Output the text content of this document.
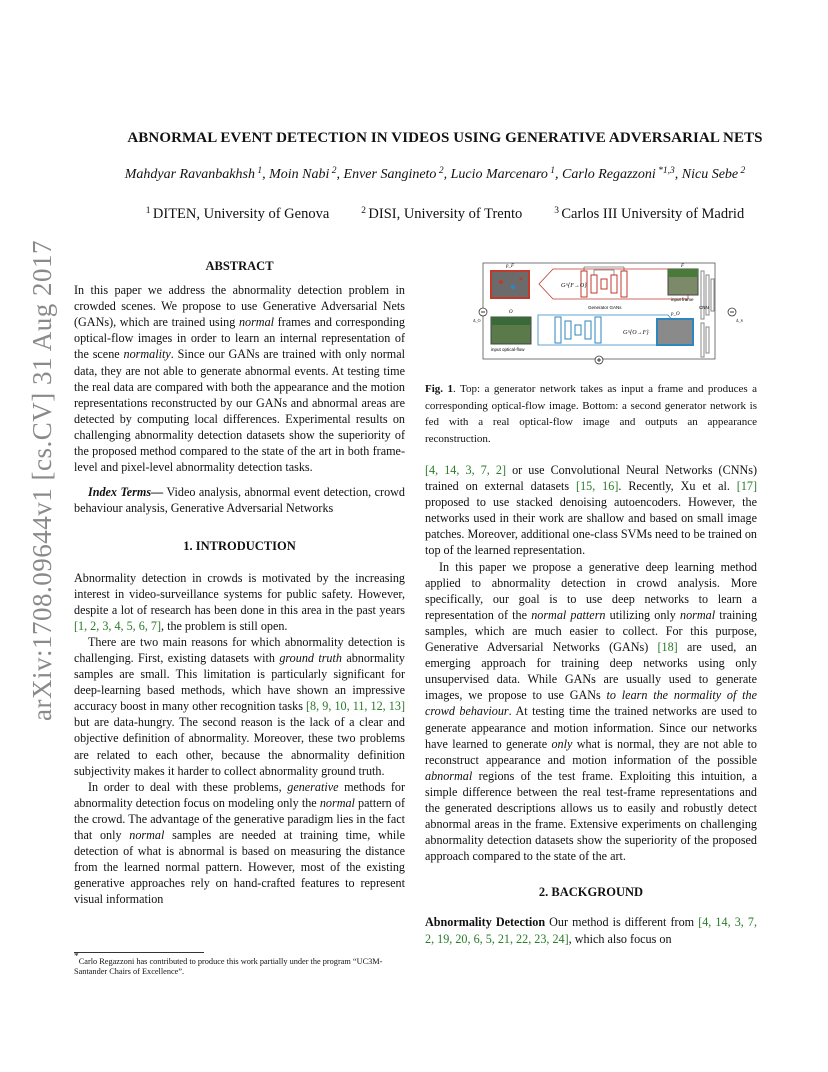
arXiv:1708.09644v1 [cs.CV] 31 Aug 2017
ABNORMAL EVENT DETECTION IN VIDEOS USING GENERATIVE ADVERSARIAL NETS
Mahdyar Ravanbakhsh $^1$, Moin Nabi $^2$, Enver Sangineto $^2$, Lucio Marcenaro $^1$, Carlo Regazzoni $^{*1,3}$, Nicu Sebe $^2$
$^1$ DITEN, University of Genova	$^2$ DISI, University of Trento	$^3$ Carlos III University of Madrid
ABSTRACT

In this paper we address the abnormality detection problem in crowded scenes. We propose to use Generative Adversarial Nets (GANs), which are trained using normal frames and corresponding optical-flow images in order to learn an internal representation of the scene normality. Since our GANs are trained with only normal data, they are not able to generate abnormal events. At testing time the real data are compared with both the appearance and the motion representations reconstructed by our GANs and abnormal areas are detected by computing local differences. Experimental results on challenging abnormality detection datasets show the superiority of the proposed method compared to the state of the art in both frame-level and pixel-level abnormality detection tasks.

Index Terms— Video analysis, abnormal event detection, crowd behaviour analysis, Generative Adversarial Networks

1. INTRODUCTION

Abnormality detection in crowds is motivated by the increasing interest in video-surveillance systems for public safety. However, despite a lot of research has been done in this area in the past years [1, 2, 3, 4, 5, 6, 7], the problem is still open.

There are two main reasons for which abnormality detection is challenging. First, existing datasets with ground truth abnormality samples are small. This limitation is particularly significant for deep-learning based methods, which have shown an impressive accuracy boost in many other recognition tasks [8, 9, 10, 11, 12, 13] but are data-hungry. The second reason is the lack of a clear and objective definition of abnormality. Moreover, these two problems are related to each other, because the abnormality definition subjectivity makes it harder to collect abnormality ground truth.

In order to deal with these problems, generative methods for abnormality detection focus on modeling only the normal pattern of the crowd. The advantage of the generative paradigm lies in the fact that only normal samples are needed at training time, while detection of what is abnormal is based on measuring the distance from the learned normal pattern. However, most of the existing generative approaches rely on hand-crafted features to represent visual information

*Carlo Regazzoni has contributed to produce this work partially under the program “UC3M-Santander Chairs of Excellence”.
p_F
G^{F→O}
Generator GANs
input frame
F
CNN
O	p_O
G^{O→F}
input optical-flow
Δ_O	Δ_S

Fig. 1. Top: a generator network takes as input a frame and produces a corresponding optical-flow image. Bottom: a second generator network is fed with a real optical-flow image and outputs an appearance reconstruction.

[4, 14, 3, 7, 2] or use Convolutional Neural Networks (CNNs) trained on external datasets [15, 16]. Recently, Xu et al. [17] proposed to use stacked denoising autoencoders. However, the networks used in their work are shallow and based on small image patches. Moreover, additional one-class SVMs need to be trained on top of the learned representation.

In this paper we propose a generative deep learning method applied to abnormality detection in crowd analysis. More specifically, our goal is to use deep networks to learn a representation of the normal pattern utilizing only normal training samples, which are much easier to collect. For this purpose, Generative Adversarial Networks (GANs) [18] are used, an emerging approach for training deep networks using only unsupervised data. While GANs are usually used to generate images, we propose to use GANs to learn the normality of the crowd behaviour. At testing time the trained networks are used to generate appearance and motion information. Since our networks have learned to generate only what is normal, they are not able to reconstruct appearance and motion information of the possible abnormal regions of the test frame. Exploiting this intuition, a simple difference between the real test-frame representations and the generated descriptions allows us to easily and robustly detect abnormal areas in the frame. Extensive experiments on challenging abnormality detection datasets show the superiority of the proposed approach compared to the state of the art.

2. BACKGROUND

Abnormality Detection Our method is different from [4, 14, 3, 7, 2, 19, 20, 6, 5, 21, 22, 23, 24], which also focus on
